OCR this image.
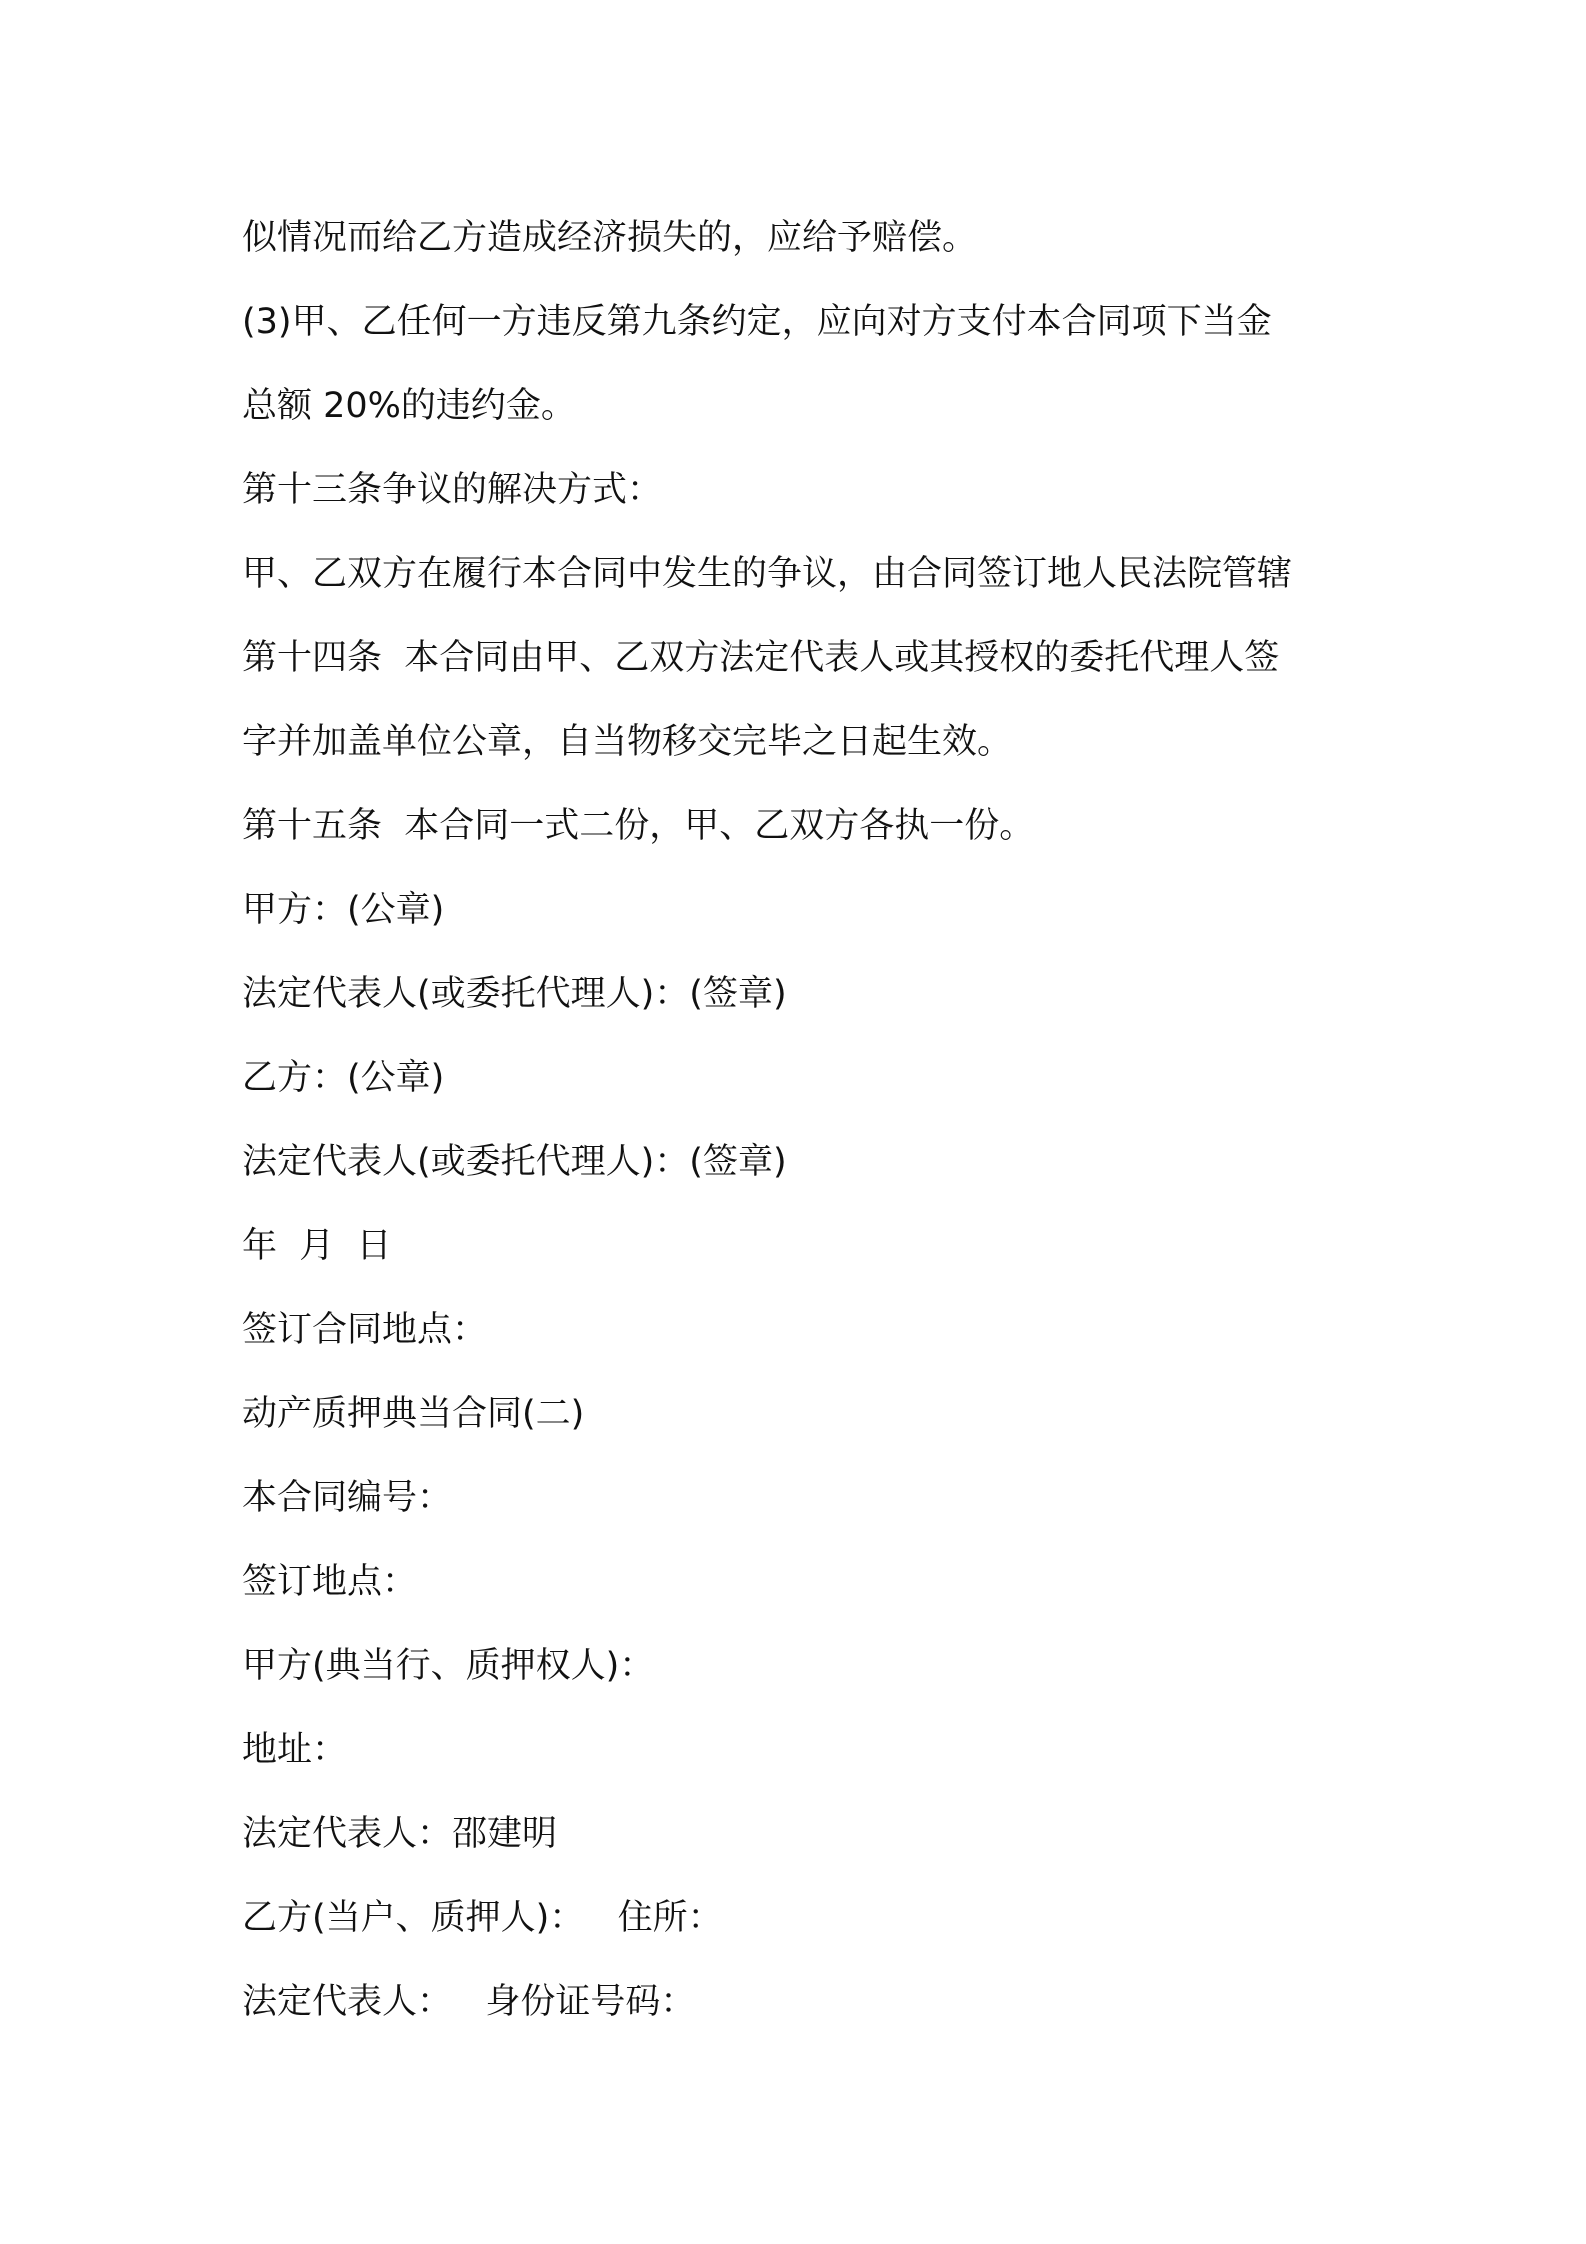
似情况而给乙方造成经济损失的，应给予赔偿。

(3)甲、乙任何一方违反第九条约定，应向对方支付本合同项下当金

总额 20%的违约金。

第十三条争议的解决方式：

甲、乙双方在履行本合同中发生的争议，由合同签订地人民法院管辖

第十四条  本合同由甲、乙双方法定代表人或其授权的委托代理人签

字并加盖单位公章，自当物移交完毕之日起生效。

第十五条  本合同一式二份，甲、乙双方各执一份。

甲方：(公章)

法定代表人(或委托代理人)：(签章)

乙方：(公章)

法定代表人(或委托代理人)：(签章)

年  月  日

签订合同地点：

动产质押典当合同(二)

本合同编号：

签订地点：

甲方(典当行、质押权人)：

地址：

法定代表人：邵建明

乙方(当户、质押人)：   住所：

法定代表人：   身份证号码：
